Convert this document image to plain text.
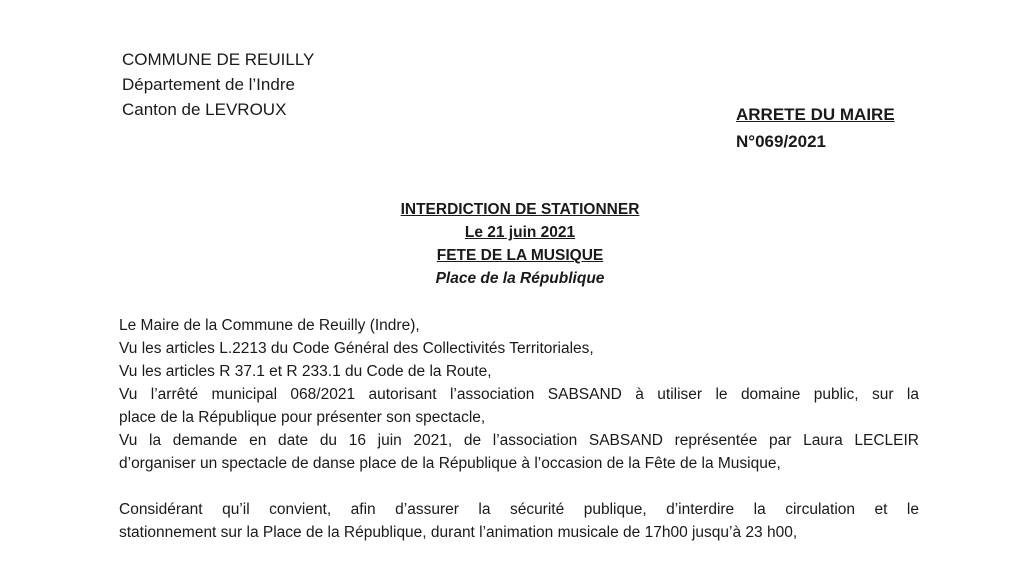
COMMUNE DE REUILLY
Département de l’Indre
Canton de LEVROUX	ARRETE DU MAIRE
N°069/2021
INTERDICTION DE STATIONNER
Le 21 juin 2021
FETE DE LA MUSIQUE
Place de la République

Le Maire de la Commune de Reuilly (Indre),

Vu les articles L.2213 du Code Général des Collectivités Territoriales,

Vu les articles R 37.1 et R 233.1 du Code de la Route,

Vu l’arrêté municipal 068/2021 autorisant l’association SABSAND à utiliser le domaine public, sur la

place de la République pour présenter son spectacle,

Vu la demande en date du 16 juin 2021, de l’association SABSAND représentée par Laura LECLEIR

d’organiser un spectacle de danse place de la République à l’occasion de la Fête de la Musique,

Considérant qu’il convient, afin d’assurer la sécurité publique, d’interdire la circulation et le

stationnement sur la Place de la République, durant l’animation musicale de 17h00 jusqu’à 23 h00,
